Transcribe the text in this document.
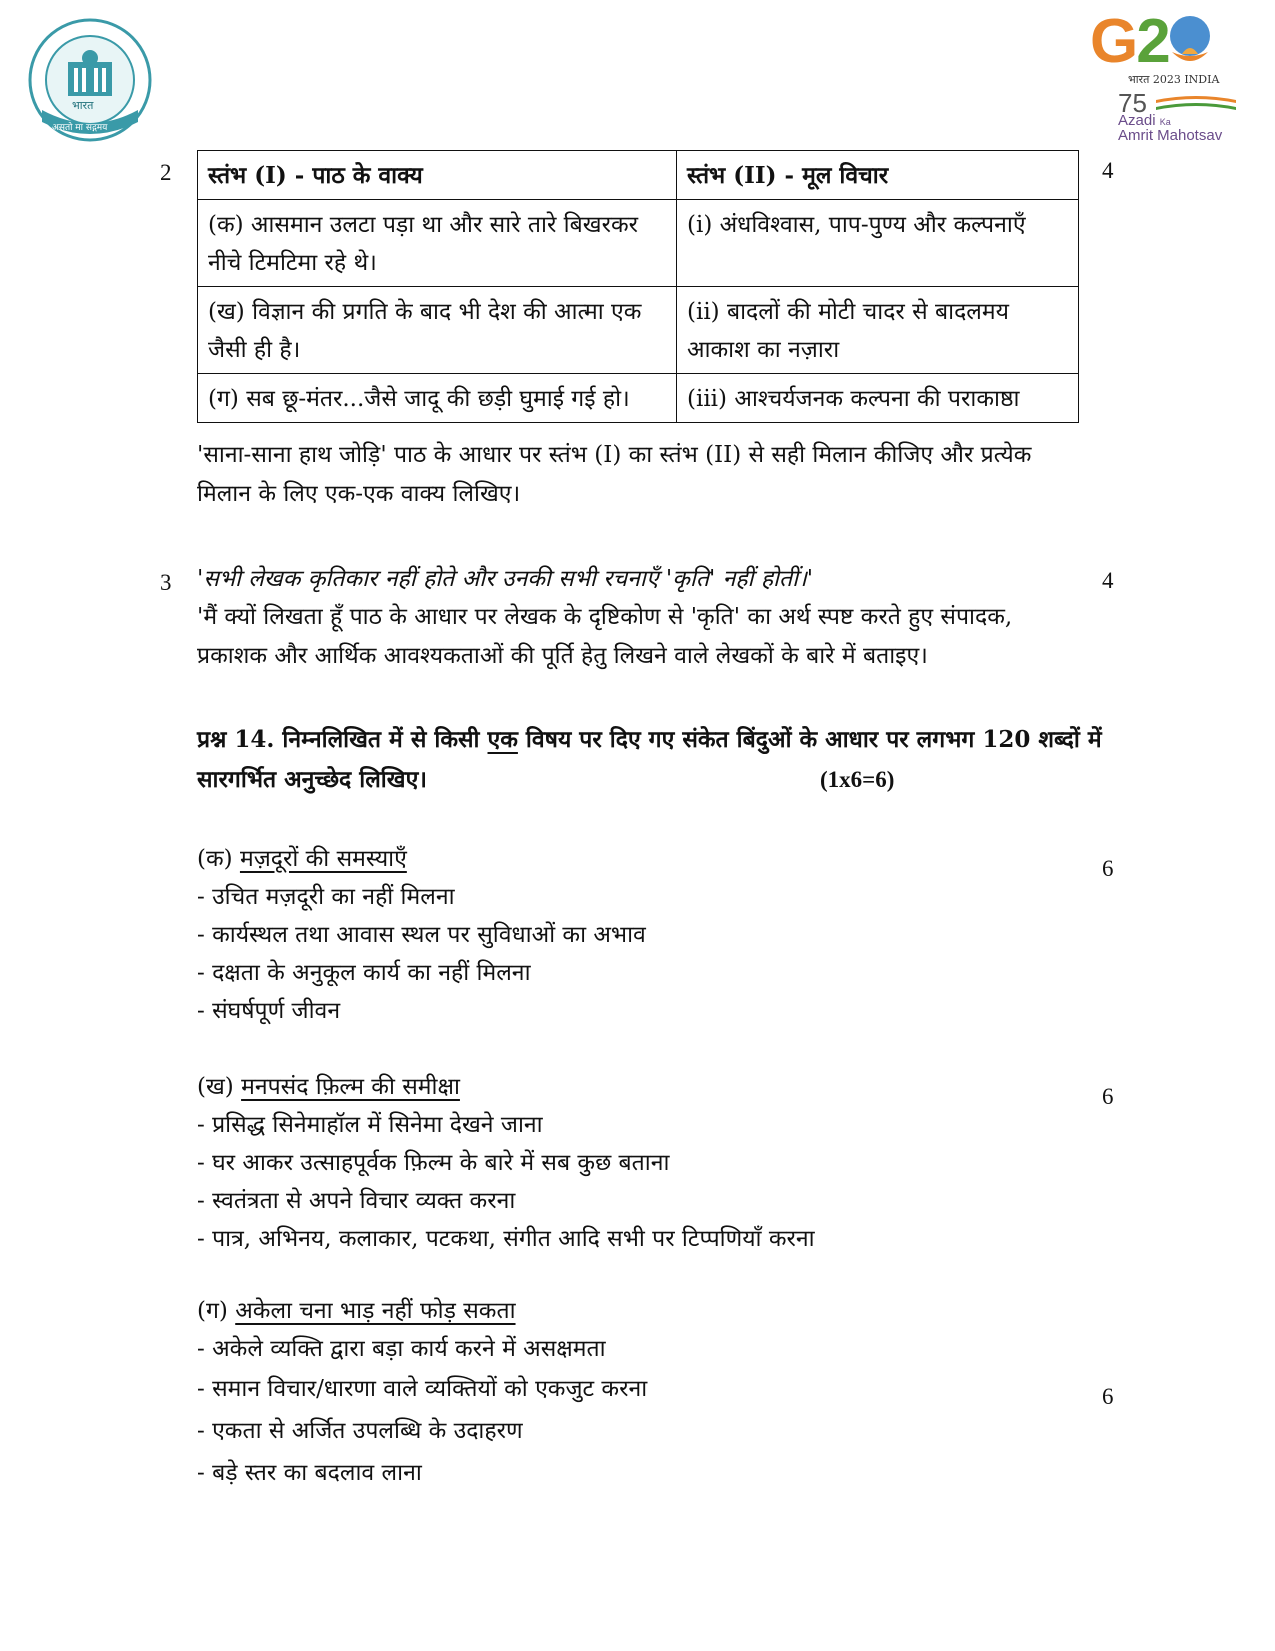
भारत
असतो मा सद्गमय
G2
भारत 2023 INDIA
75
Azadi Ka
Amrit Mahotsav
2	4
स्तंभ (I) - पाठ के वाक्य	स्तंभ (II) - मूल विचार
(क) आसमान उलटा पड़ा था और सारे तारे बिखरकर नीचे टिमटिमा रहे थे।	(i) अंधविश्वास, पाप-पुण्य और कल्पनाएँ
(ख) विज्ञान की प्रगति के बाद भी देश की आत्मा एक जैसी ही है।	(ii) बादलों की मोटी चादर से बादलमय आकाश का नज़ारा
(ग) सब छू-मंतर...जैसे जादू की छड़ी घुमाई गई हो।	(iii) आश्चर्यजनक कल्पना की पराकाष्ठा
'साना-साना हाथ जोड़ि' पाठ के आधार पर स्तंभ (I) का स्तंभ (II) से सही मिलान कीजिए और प्रत्येक मिलान के लिए एक-एक वाक्य लिखिए।
3	4
'सभी लेखक कृतिकार नहीं होते और उनकी सभी रचनाएँ 'कृति' नहीं होतीं।'
'मैं क्यों लिखता हूँ पाठ के आधार पर लेखक के दृष्टिकोण से 'कृति' का अर्थ स्पष्ट करते हुए संपादक, प्रकाशक और आर्थिक आवश्यकताओं की पूर्ति हेतु लिखने वाले लेखकों के बारे में बताइए।
प्रश्न 14. निम्नलिखित में से किसी एक विषय पर दिए गए संकेत बिंदुओं के आधार पर लगभग 120 शब्दों में
सारगर्भित अनुच्छेद लिखिए।	(1x6=6)
(क) मज़दूरों की समस्याएँ
- उचित मज़दूरी का नहीं मिलना
- कार्यस्थल तथा आवास स्थल पर सुविधाओं का अभाव
- दक्षता के अनुकूल कार्य का नहीं मिलना
- संघर्षपूर्ण जीवन
6
(ख) मनपसंद फ़िल्म की समीक्षा
- प्रसिद्ध सिनेमाहॉल में सिनेमा देखने जाना
- घर आकर उत्साहपूर्वक फ़िल्म के बारे में सब कुछ बताना
- स्वतंत्रता से अपने विचार व्यक्त करना
- पात्र, अभिनय, कलाकार, पटकथा, संगीत आदि सभी पर टिप्पणियाँ करना
6
(ग) अकेला चना भाड़ नहीं फोड़ सकता
- अकेले व्यक्ति द्वारा बड़ा कार्य करने में असक्षमता
- समान विचार/धारणा वाले व्यक्तियों को एकजुट करना
- एकता से अर्जित उपलब्धि के उदाहरण
- बड़े स्तर का बदलाव लाना
6
